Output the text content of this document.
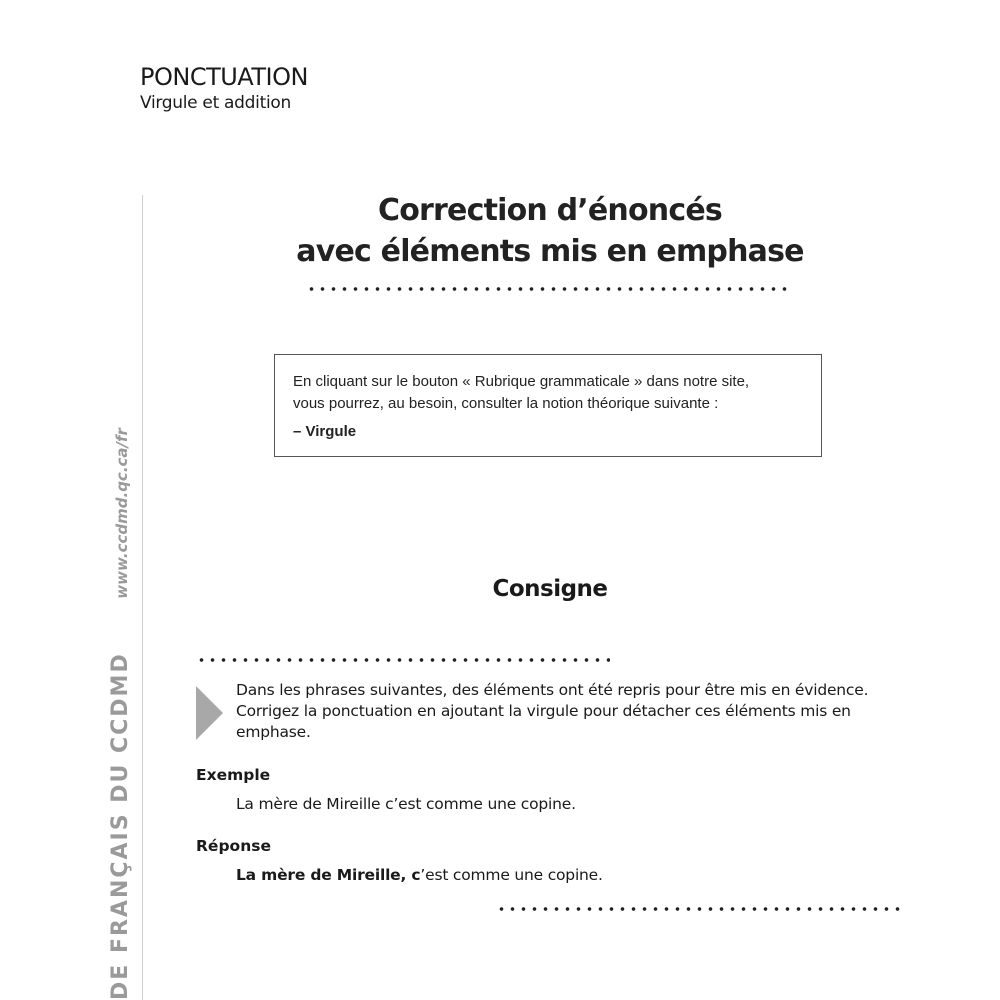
PONCTUATION
Virgule et addition
DE FRANÇAIS DU CCDMD www.ccdmd.qc.ca/fr
Correction d’énoncés
avec éléments mis en emphase
En cliquant sur le bouton « Rubrique grammaticale » dans notre site,
vous pourrez, au besoin, consulter la notion théorique suivante :
– Virgule
Consigne
Dans les phrases suivantes, des éléments ont été repris pour être mis en évidence. Corrigez la ponctuation en ajoutant la virgule pour détacher ces éléments mis en emphase.
Exemple
La mère de Mireille c’est comme une copine.
Réponse
La mère de Mireille, c’est comme une copine.
